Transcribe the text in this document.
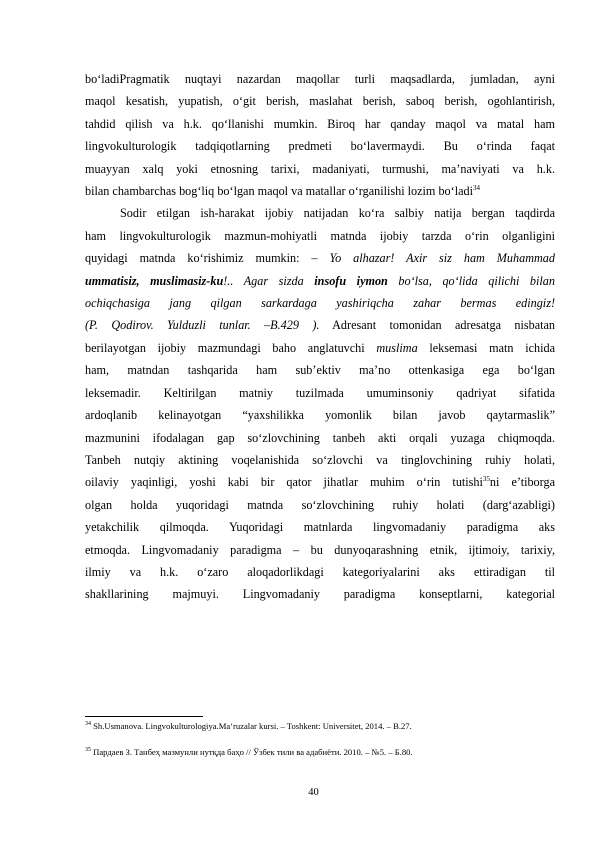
bo‘ladiPragmatik nuqtayi nazardan maqollar turli maqsadlarda, jumladan, ayni

maqol kesatish, yupatish, o‘git berish, maslahat berish, saboq berish, ogohlantirish,

tahdid qilish va h.k. qo‘llanishi mumkin. Biroq har qanday maqol va matal ham

lingvokulturologik tadqiqotlarning predmeti bo‘lavermaydi. Bu o‘rinda faqat

muayyan xalq yoki etnosning tarixi, madaniyati, turmushi, ma’naviyati va h.k.

bilan chambarchas bog‘liq bo‘lgan maqol va matallar o‘rganilishi lozim bo‘ladi$^{34}$

Sodir etilgan ish-harakat ijobiy natijadan ko‘ra salbiy natija bergan taqdirda

ham lingvokulturologik mazmun-mohiyatli matnda ijobiy tarzda o‘rin olganligini

quyidagi matnda ko‘rishimiz mumkin: – Yo alhazar! Axir siz ham Muhammad

ummatisiz, muslimasiz-ku!.. Agar sizda insofu iymon bo‘lsa, qo‘lida qilichi bilan

ochiqchasiga jang qilgan sarkardaga yashiriqcha zahar bermas edingiz!

(P. Qodirov. Yulduzli tunlar. –B.429 ). Adresant tomonidan adresatga nisbatan

berilayotgan ijobiy mazmundagi baho anglatuvchi muslima leksemasi matn ichida

ham, matndan tashqarida ham sub’ektiv ma’no ottenkasiga ega bo‘lgan

leksemadir. Keltirilgan matniy tuzilmada umuminsoniy qadriyat sifatida

ardoqlanib kelinayotgan “yaxshilikka yomonlik bilan javob qaytarmaslik”

mazmunini ifodalagan gap so‘zlovchining tanbeh akti orqali yuzaga chiqmoqda.

Tanbeh nutqiy aktining voqelanishida so‘zlovchi va tinglovchining ruhiy holati,

oilaviy yaqinligi, yoshi kabi bir qator jihatlar muhim o‘rin tutishi$^{35}$ni e’tiborga

olgan holda yuqoridagi matnda so‘zlovchining ruhiy holati (darg‘azabligi)

yetakchilik qilmoqda. Yuqoridagi matnlarda lingvomadaniy paradigma aks

etmoqda. Lingvomadaniy paradigma – bu dunyoqarashning etnik, ijtimoiy, tarixiy,

ilmiy va h.k. o‘zaro aloqadorlikdagi kategoriyalarini aks ettiradigan til

shakllarining majmuyi. Lingvomadaniy paradigma konseptlarni, kategorial

$^{34}$ Sh.Usmanova. Lingvokulturologiya.Ma’ruzalar kursi. – Toshkent: Universitet, 2014. – B.27.
$^{35}$ Пардаев З. Танбеҳ мазмунли нутқда баҳо // Ўзбек тили ва адабиёти. 2010. – №5. – Б.80.
40
